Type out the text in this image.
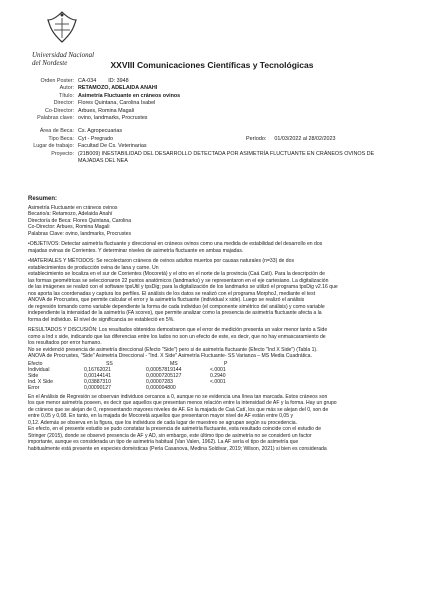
Universidad Nacional
del Nordeste	XXVIII Comunicaciones Científicas y Tecnológicas
Orden Poster: CA-034 ID: 3948
Autor: RETAMOZO, ADELAIDA ANAHI
Título: Asimetría Fluctuante en cráneos ovinos
Director: Flores Quintana, Carolina Isabel
Co-Director: Arbues, Romina Magali
Palabras clave: ovino, landmarks, Procrustes
Área de Beca: Cs. Agropecuarias
Tipo Beca: Cyt - Pregrado	Período: 01/03/2022 al 28/02/2023
Lugar de trabajo: Facultad De Cs. Veterinarias
Proyecto: (21B009) INESTABILIDAD DEL DESARROLLO DETECTADA POR ASIMETRÍA FLUCTUANTE EN CRÁNEOS OVINOS DE MAJADAS DEL NEA
Resumen:
Asimetría Fluctuante en cráneos ovinos
Becario/a: Retamozo, Adelaida Anahí
Director/a de Beca: Flores Quintana, Carolina
Co-Director: Arbues, Romina Magali
Palabras Clave: ovino, landmarks, Procrustes
•OBJETIVOS: Detectar asimetría fluctuante y direccional en cráneos ovinos como una medida de estabilidad del desarrollo en dos
majadas ovinas de Corrientes. Y determinar niveles de asimetría fluctuante en ambas majadas.
•MATERIALES Y MÉTODOS: Se recolectaron cráneos de ovinos adultos muertos por causas naturales (n=33) de dos
establecimientos de producción ovina de lana y carne. Un
establecimiento se localiza en el sur de Corrientes (Mocoretá) y el otro en el norte de la provincia (Caá Catí). Para la descripción de
las formas geométricas se seleccionaron 22 puntos anatómicos (landmarks) y se representaron en el eje cartesiano. La digitalización
de las imágenes se realizó con el software tpsUtil y tpsDig; para la digitalización de los landmarks se utilizó el programa tpsDig v2.16 que
nos aporta las coordenadas y captura los perfiles. El análisis de los datos se realizó con el programa MorphoJ, mediante el test
ANOVA de Procrustes, que permite calcular el error y la asimetría fluctuante (individual x side). Luego se realizó el análisis
de regresión tomando como variable dependiente la forma de cada individuo (el componente simétrico del análisis) y como variable
independiente la intensidad de la asimetría (FA scores), que permite analizar como la presencia de asimetría fluctuante afecta a la
forma del individuo. El nivel de significancia se estableció en 5%.
RESULTADOS Y DISCUSIÓN: Los resultados obtenidos demostraron que el error de medición presenta un valor menor tanto a Side
como a Ind x side, indicando que las diferencias entre los lados no son un efecto de este, es decir, que no hay enmascaramiento de
los resultados por error humano.
No se evidenció presencia de asimetría direccional (Efecto "Side") pero si de asimetría fluctuante (Efecto "Ind X Side") (Tabla 1).
ANOVA de Procrustes, "Side" Asimetría Direccional - "Ind. X Side" Asimetría Fluctuante- SS Varianza – MS Media Cuadrática.
Efecto	SS	MS	P
Individual	0,16762021	0,00057819144	<.0001
Side	0,00144141	0,00007205127	0.2940
Ind. X Side	0,03887310	0,00007283	<.0001
Error	0,00090127	0,000004800	
En el Análisis de Regresión se observan individuos cercanos a 0, aunque no se evidencia una línea tan marcada. Estos cráneos son
los que menor asimetría poseen, es decir que aquellos que presentan menos relación entre la intensidad de AF y la forma. Hay un grupo
de cráneos que se alejan de 0, representando mayores niveles de AF. En la majada de Caá Catí, los que más se alejan del 0, son de
entre 0,05 y 0,08. En tanto, en la majada de Mocoretá aquellos que presentaron mayor nivel de AF están entre 0,05 y
0,12. Además se observa en la figura, que los individuos de cada lugar de muestreo se agrupan según su procedencia.
En efecto, en el presente estudio se pudo constatar la presencia de asimetría fluctuante, esta resultado coincide con el estudio de
Stringer (2015), donde se observó presencia de AF y AD, sin embargo, este último tipo de asimetría no se consideró un factor
importante, aunque es considerada un tipo de asimetría habitual (Van Valen, 1962). La AF sería el tipo de asimetría que
habitualmente está presente en especies domésticas (Perla Casanova, Medina Soldivar, 2019; Wilson, 2021) si bien es considerada
